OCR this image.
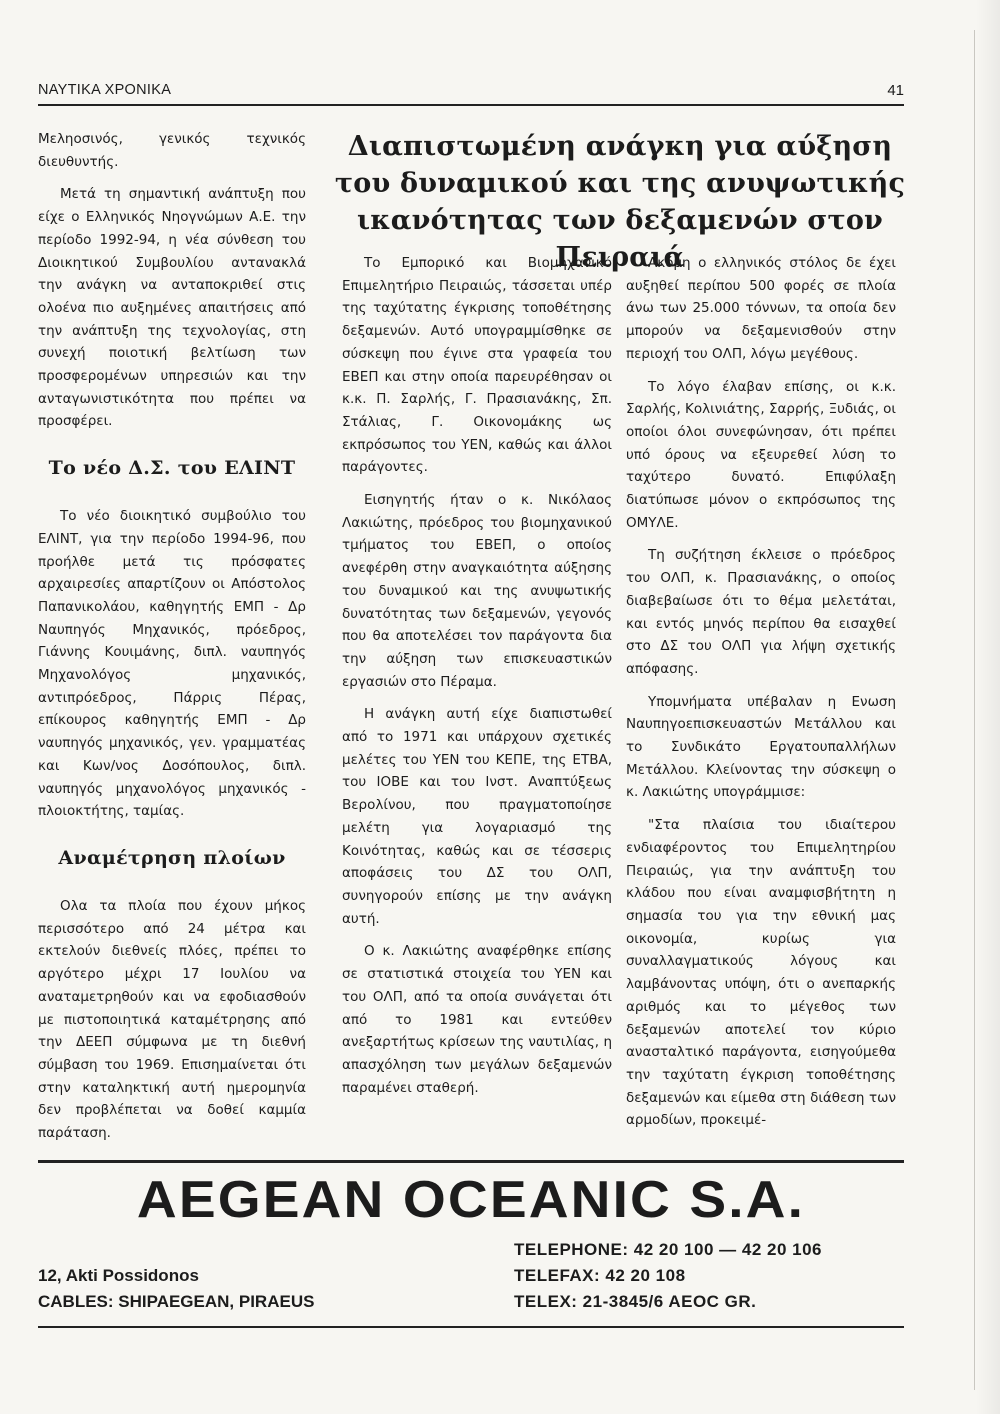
ΝΑΥΤΙΚΑ ΧΡΟΝΙΚΑ	41

Μεληοσινός, γενικός τεχνικός διευθυντής.

Μετά τη σημαντική ανάπτυξη που είχε ο Ελληνικός Νηογνώμων Α.Ε. την περίοδο 1992-94, η νέα σύνθεση του Διοικητικού Συμβουλίου αντανακλά την ανάγκη να ανταποκριθεί στις ολοένα πιο αυξημένες απαιτήσεις από την ανάπτυξη της τεχνολογίας, στη συνεχή ποιοτική βελτίωση των προσφερομένων υπηρεσιών και την ανταγωνιστικότητα που πρέπει να προσφέρει.

Το νέο Δ.Σ. του ΕΛΙΝΤ

Το νέο διοικητικό συμβούλιο του ΕΛΙΝΤ, για την περίοδο 1994-96, που προήλθε μετά τις πρόσφατες αρχαιρεσίες απαρτίζουν οι Απόστολος Παπανικολάου, καθηγητής ΕΜΠ - Δρ Ναυπηγός Μηχανικός, πρόεδρος, Γιάννης Κουιμάνης, διπλ. ναυπηγός Μηχανολόγος μηχανικός, αντιπρόεδρος, Πάρρις Πέρας, επίκουρος καθηγητής ΕΜΠ - Δρ ναυπηγός μηχανικός, γεν. γραμματέας και Κων/νος Δοσόπουλος, διπλ. ναυπηγός μηχανολόγος μηχανικός - πλοιοκτήτης, ταμίας.

Αναμέτρηση πλοίων

Ολα τα πλοία που έχουν μήκος περισσότερο από 24 μέτρα και εκτελούν διεθνείς πλόες, πρέπει το αργότερο μέχρι 17 Ιουλίου να αναταμετρηθούν και να εφοδιασθούν με πιστοποιητικά καταμέτρησης από την ΔΕΕΠ σύμφωνα με τη διεθνή σύμβαση του 1969. Επισημαίνεται ότι στην καταληκτική αυτή ημερομηνία δεν προβλέπεται να δοθεί καμμία παράταση.

Διαπιστωμένη ανάγκη για αύξηση του δυναμικού και της ανυψωτικής ικανότητας των δεξαμενών στον Πειραιά

Το Εμπορικό και Βιομηχανικό Επιμελητήριο Πειραιώς, τάσσεται υπέρ της ταχύτατης έγκρισης τοποθέτησης δεξαμενών. Αυτό υπογραμμίσθηκε σε σύσκεψη που έγινε στα γραφεία του ΕΒΕΠ και στην οποία παρευρέθησαν οι κ.κ. Π. Σαρλής, Γ. Πρασιανάκης, Σπ. Στάλιας, Γ. Οικονομάκης ως εκπρόσωπος του ΥΕΝ, καθώς και άλλοι παράγοντες.

Εισηγητής ήταν ο κ. Νικόλαος Λακιώτης, πρόεδρος του βιομηχανικού τμήματος του ΕΒΕΠ, ο οποίος ανεφέρθη στην αναγκαιότητα αύξησης του δυναμικού και της ανυψωτικής δυνατότητας των δεξαμενών, γεγονός που θα αποτελέσει τον παράγοντα δια την αύξηση των επισκευαστικών εργασιών στο Πέραμα.

Η ανάγκη αυτή είχε διαπιστωθεί από το 1971 και υπάρχουν σχετικές μελέτες του ΥΕΝ του ΚΕΠΕ, της ΕΤΒΑ, του ΙΟΒΕ και του Ινστ. Αναπτύξεως Βερολίνου, που πραγματοποίησε μελέτη για λογαριασμό της Κοινότητας, καθώς και σε τέσσερις αποφάσεις του ΔΣ του ΟΛΠ, συνηγορούν επίσης με την ανάγκη αυτή.

Ο κ. Λακιώτης αναφέρθηκε επίσης σε στατιστικά στοιχεία του ΥΕΝ και του ΟΛΠ, από τα οποία συνάγεται ότι από το 1981 και εντεύθεν ανεξαρτήτως κρίσεων της ναυτιλίας, η απασχόληση των μεγάλων δεξαμενών παραμένει σταθερή.

Ακόμη ο ελληνικός στόλος δε έχει αυξηθεί περίπου 500 φορές σε πλοία άνω των 25.000 τόννων, τα οποία δεν μπορούν να δεξαμενισθούν στην περιοχή του ΟΛΠ, λόγω μεγέθους.

Το λόγο έλαβαν επίσης, οι κ.κ. Σαρλής, Κολινιάτης, Σαρρής, Ξυδιάς, οι οποίοι όλοι συνεφώνησαν, ότι πρέπει υπό όρους να εξευρεθεί λύση το ταχύτερο δυνατό. Επιφύλαξη διατύπωσε μόνον ο εκπρόσωπος της ΟΜΥΛΕ.

Τη συζήτηση έκλεισε ο πρόεδρος του ΟΛΠ, κ. Πρασιανάκης, ο οποίος διαβεβαίωσε ότι το θέμα μελετάται, και εντός μηνός περίπου θα εισαχθεί στο ΔΣ του ΟΛΠ για λήψη σχετικής απόφασης.

Υπομνήματα υπέβαλαν η Ενωση Ναυπηγοεπισκευαστών Μετάλλου και το Συνδικάτο Εργατουπαλλήλων Μετάλλου. Κλείνοντας την σύσκεψη ο κ. Λακιώτης υπογράμμισε:

"Στα πλαίσια του ιδιαίτερου ενδιαφέροντος του Επιμελητηρίου Πειραιώς, για την ανάπτυξη του κλάδου που είναι αναμφισβήτητη η σημασία του για την εθνική μας οικονομία, κυρίως για συναλλαγματικούς λόγους και λαμβάνοντας υπόψη, ότι ο ανεπαρκής αριθμός και το μέγεθος των δεξαμενών αποτελεί τον κύριο ανασταλτικό παράγοντα, εισηγούμεθα την ταχύτατη έγκριση τοποθέτησης δεξαμενών και είμεθα στη διάθεση των αρμοδίων, προκειμέ-

AEGEAN OCEANIC S.A.
12, Akti Possidonos
CABLES: SHIPAEGEAN, PIRAEUS
TELEPHONE: 42 20 100 — 42 20 106
TELEFAX: 42 20 108
TELEX: 21-3845/6 AEOC GR.
